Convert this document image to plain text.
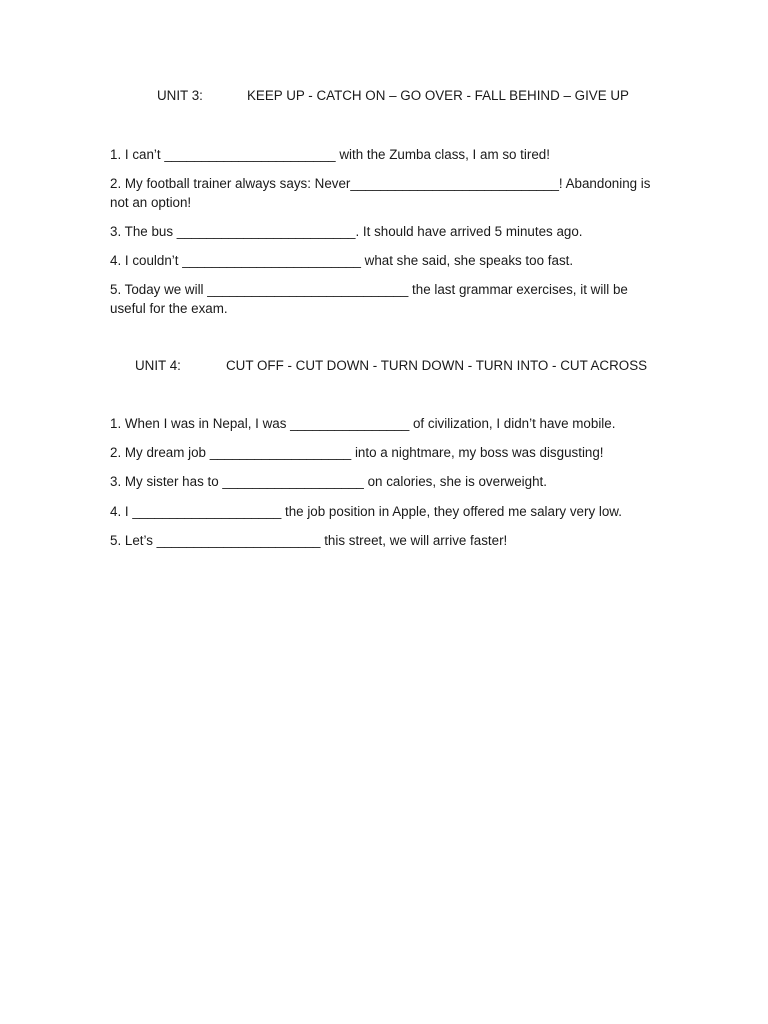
UNIT 3:	KEEP UP - CATCH ON – GO OVER - FALL BEHIND – GIVE UP
1. I can’t _______________________ with the Zumba class, I am so tired!
2. My football trainer always says: Never____________________________! Abandoning is not an option!
3. The bus ________________________. It should have arrived 5 minutes ago.
4. I couldn’t ________________________ what she said, she speaks too fast.
5. Today we will ___________________________ the last grammar exercises, it will be useful for the exam.
UNIT 4:	CUT OFF - CUT DOWN - TURN DOWN - TURN INTO - CUT ACROSS
1. When I was in Nepal, I was ________________ of civilization, I didn’t have mobile.
2. My dream job ___________________ into a nightmare, my boss was disgusting!
3. My sister has to ___________________ on calories, she is overweight.
4. I ____________________ the job position in Apple, they offered me salary very low.
5. Let’s ______________________ this street, we will arrive faster!
